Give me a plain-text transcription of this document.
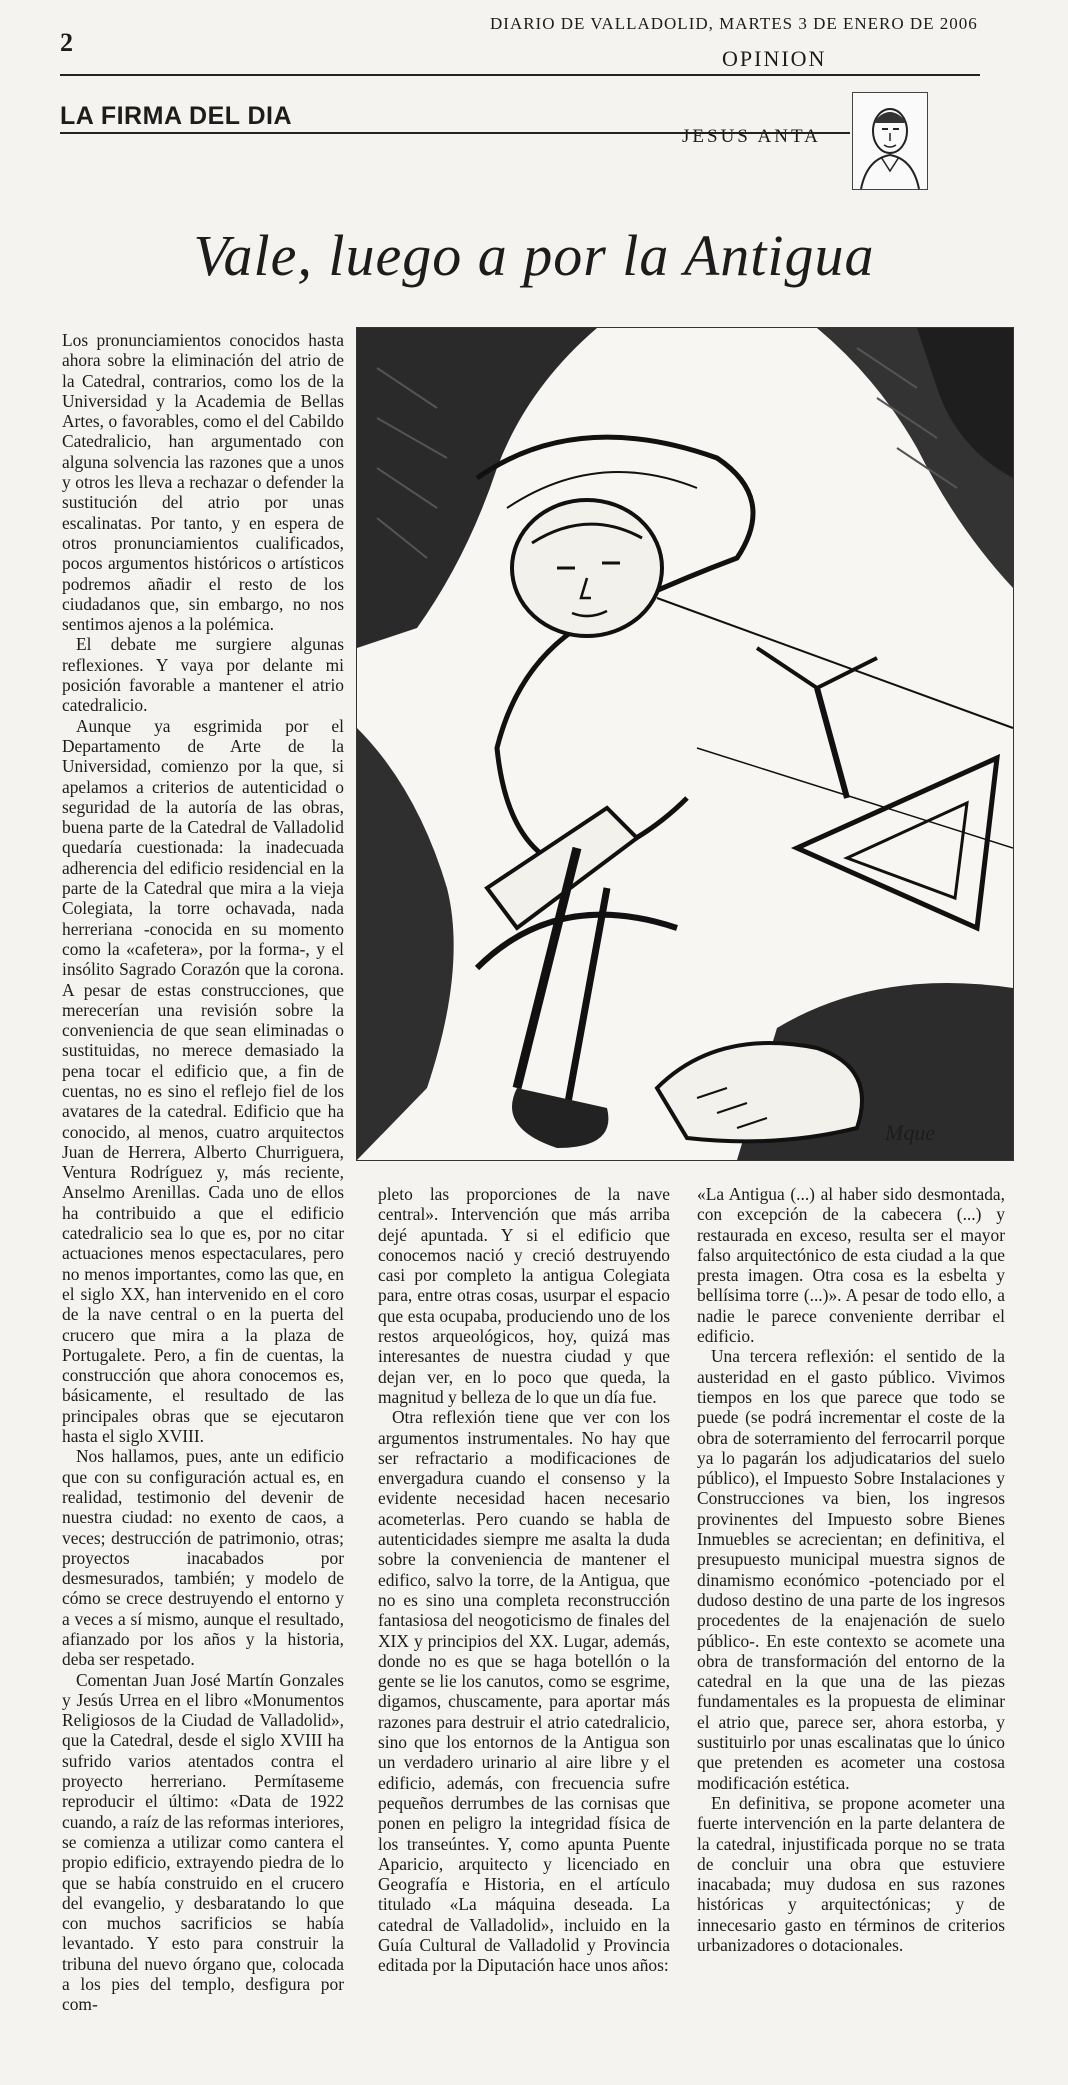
2
DIARIO DE VALLADOLID, MARTES 3 DE ENERO DE 2006
OPINION
LA FIRMA DEL DIA
JESUS ANTA
Vale, luego a por la Antigua
Mque

Los pronunciamientos conocidos hasta ahora sobre la eliminación del atrio de la Catedral, contrarios, como los de la Universidad y la Academia de Bellas Artes, o favorables, como el del Cabildo Catedralicio, han argumentado con alguna solvencia las razones que a unos y otros les lleva a rechazar o defender la sustitución del atrio por unas escalinatas. Por tanto, y en espera de otros pronunciamientos cualificados, pocos argumentos históricos o artísticos podremos añadir el resto de los ciudadanos que, sin embargo, no nos sentimos ajenos a la polémica.

El debate me surgiere algunas reflexiones. Y vaya por delante mi posición favorable a mantener el atrio catedralicio.

Aunque ya esgrimida por el Departamento de Arte de la Universidad, comienzo por la que, si apelamos a criterios de autenticidad o seguridad de la autoría de las obras, buena parte de la Catedral de Valladolid quedaría cuestionada: la inadecuada adherencia del edificio residencial en la parte de la Catedral que mira a la vieja Colegiata, la torre ochavada, nada herreriana -conocida en su momento como la «cafetera», por la forma-, y el insólito Sagrado Corazón que la corona. A pesar de estas construcciones, que merecerían una revisión sobre la conveniencia de que sean eliminadas o sustituidas, no merece demasiado la pena tocar el edificio que, a fin de cuentas, no es sino el reflejo fiel de los avatares de la catedral. Edificio que ha conocido, al menos, cuatro arquitectos Juan de Herrera, Alberto Churriguera, Ventura Rodríguez y, más reciente, Anselmo Arenillas. Cada uno de ellos ha contribuido a que el edificio catedralicio sea lo que es, por no citar actuaciones menos espectaculares, pero no menos importantes, como las que, en el siglo XX, han intervenido en el coro de la nave central o en la puerta del crucero que mira a la plaza de Portugalete. Pero, a fin de cuentas, la construcción que ahora conocemos es, básicamente, el resultado de las principales obras que se ejecutaron hasta el siglo XVIII.

Nos hallamos, pues, ante un edificio que con su configuración actual es, en realidad, testimonio del devenir de nuestra ciudad: no exento de caos, a veces; destrucción de patrimonio, otras; proyectos inacabados por desmesurados, también; y modelo de cómo se crece destruyendo el entorno y a veces a sí mismo, aunque el resultado, afianzado por los años y la historia, deba ser respetado.

Comentan Juan José Martín Gonzales y Jesús Urrea en el libro «Monumentos Religiosos de la Ciudad de Valladolid», que la Catedral, desde el siglo XVIII ha sufrido varios atentados contra el proyecto herreriano. Permítaseme reproducir el último: «Data de 1922 cuando, a raíz de las reformas interiores, se comienza a utilizar como cantera el propio edificio, extrayendo piedra de lo que se había construido en el crucero del evangelio, y desbaratando lo que con muchos sacrificios se había levantado. Y esto para construir la tribuna del nuevo órgano que, colocada a los pies del templo, desfigura por com-

pleto las proporciones de la nave central». Intervención que más arriba dejé apuntada. Y si el edificio que conocemos nació y creció destruyendo casi por completo la antigua Colegiata para, entre otras cosas, usurpar el espacio que esta ocupaba, produciendo uno de los restos arqueológicos, hoy, quizá mas interesantes de nuestra ciudad y que dejan ver, en lo poco que queda, la magnitud y belleza de lo que un día fue.

Otra reflexión tiene que ver con los argumentos instrumentales. No hay que ser refractario a modificaciones de envergadura cuando el consenso y la evidente necesidad hacen necesario acometerlas. Pero cuando se habla de autenticidades siempre me asalta la duda sobre la conveniencia de mantener el edifico, salvo la torre, de la Antigua, que no es sino una completa reconstrucción fantasiosa del neogoticismo de finales del XIX y principios del XX. Lugar, además, donde no es que se haga botellón o la gente se lie los canutos, como se esgrime, digamos, chuscamente, para aportar más razones para destruir el atrio catedralicio, sino que los entornos de la Antigua son un verdadero urinario al aire libre y el edificio, además, con frecuencia sufre pequeños derrumbes de las cornisas que ponen en peligro la integridad física de los transeúntes. Y, como apunta Puente Aparicio, arquitecto y licenciado en Geografía e Historia, en el artículo titulado «La máquina deseada. La catedral de Valladolid», incluido en la Guía Cultural de Valladolid y Provincia editada por la Diputación hace unos años:

«La Antigua (...) al haber sido desmontada, con excepción de la cabecera (...) y restaurada en exceso, resulta ser el mayor falso arquitectónico de esta ciudad a la que presta imagen. Otra cosa es la esbelta y bellísima torre (...)». A pesar de todo ello, a nadie le parece conveniente derribar el edificio.

Una tercera reflexión: el sentido de la austeridad en el gasto público. Vivimos tiempos en los que parece que todo se puede (se podrá incrementar el coste de la obra de soterramiento del ferrocarril porque ya lo pagarán los adjudicatarios del suelo público), el Impuesto Sobre Instalaciones y Construcciones va bien, los ingresos provinentes del Impuesto sobre Bienes Inmuebles se acrecientan; en definitiva, el presupuesto municipal muestra signos de dinamismo económico -potenciado por el dudoso destino de una parte de los ingresos procedentes de la enajenación de suelo público-. En este contexto se acomete una obra de transformación del entorno de la catedral en la que una de las piezas fundamentales es la propuesta de eliminar el atrio que, parece ser, ahora estorba, y sustituirlo por unas escalinatas que lo único que pretenden es acometer una costosa modificación estética.

En definitiva, se propone acometer una fuerte intervención en la parte delantera de la catedral, injustificada porque no se trata de concluir una obra que estuviere inacabada; muy dudosa en sus razones históricas y arquitectónicas; y de innecesario gasto en términos de criterios urbanizadores o dotacionales.
